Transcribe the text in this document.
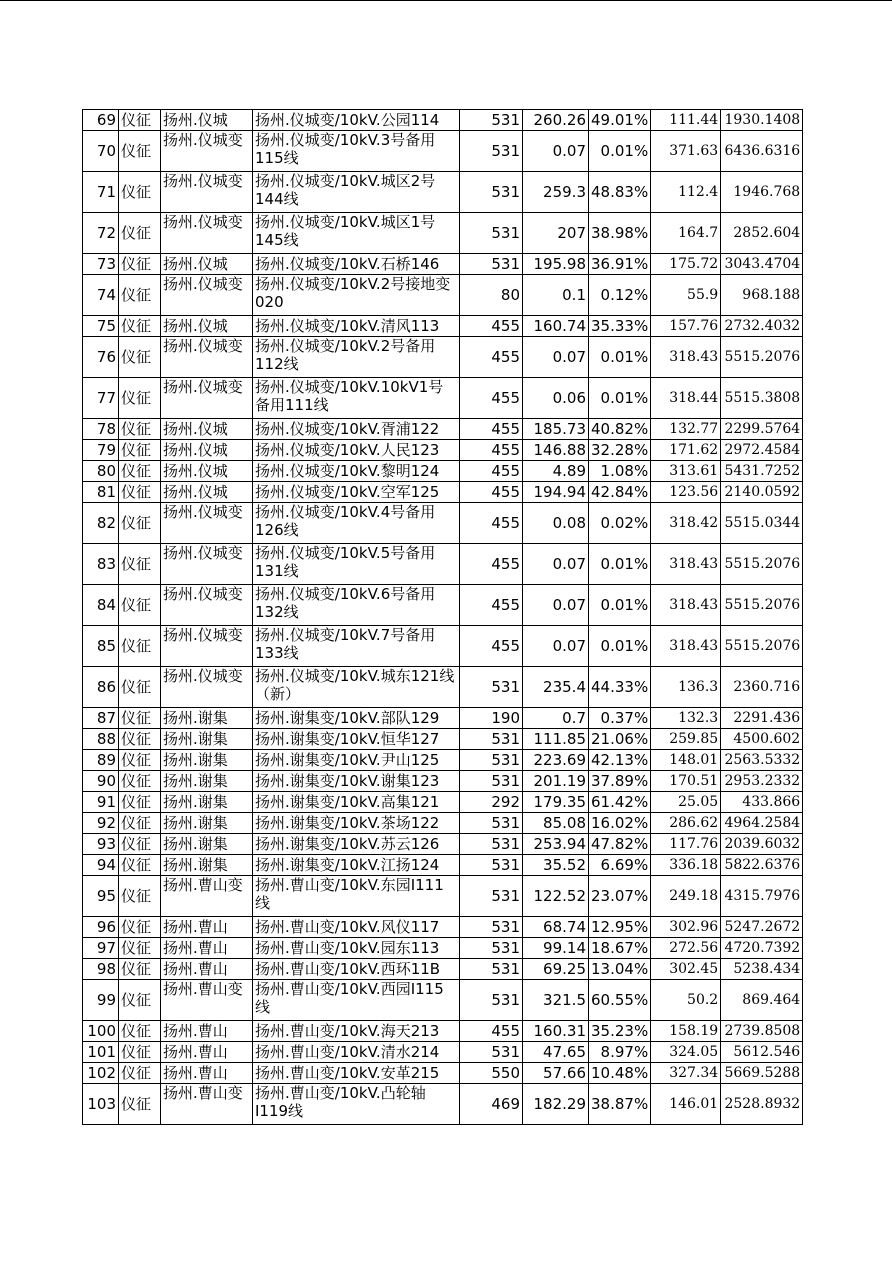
69	仪征	扬州.仪城	扬州.仪城变/10kV.公园114	531	260.26	49.01%	111.44	1930.1408
70	仪征	扬州.仪城变	扬州.仪城变/10kV.3号备用115线	531	0.07	0.01%	371.63	6436.6316
71	仪征	扬州.仪城变	扬州.仪城变/10kV.城区2号144线	531	259.3	48.83%	112.4	1946.768
72	仪征	扬州.仪城变	扬州.仪城变/10kV.城区1号145线	531	207	38.98%	164.7	2852.604
73	仪征	扬州.仪城	扬州.仪城变/10kV.石桥146	531	195.98	36.91%	175.72	3043.4704
74	仪征	扬州.仪城变	扬州.仪城变/10kV.2号接地变020	80	0.1	0.12%	55.9	968.188
75	仪征	扬州.仪城	扬州.仪城变/10kV.清风113	455	160.74	35.33%	157.76	2732.4032
76	仪征	扬州.仪城变	扬州.仪城变/10kV.2号备用112线	455	0.07	0.01%	318.43	5515.2076
77	仪征	扬州.仪城变	扬州.仪城变/10kV.10kV1号备用111线	455	0.06	0.01%	318.44	5515.3808
78	仪征	扬州.仪城	扬州.仪城变/10kV.胥浦122	455	185.73	40.82%	132.77	2299.5764
79	仪征	扬州.仪城	扬州.仪城变/10kV.人民123	455	146.88	32.28%	171.62	2972.4584
80	仪征	扬州.仪城	扬州.仪城变/10kV.黎明124	455	4.89	1.08%	313.61	5431.7252
81	仪征	扬州.仪城	扬州.仪城变/10kV.空军125	455	194.94	42.84%	123.56	2140.0592
82	仪征	扬州.仪城变	扬州.仪城变/10kV.4号备用126线	455	0.08	0.02%	318.42	5515.0344
83	仪征	扬州.仪城变	扬州.仪城变/10kV.5号备用131线	455	0.07	0.01%	318.43	5515.2076
84	仪征	扬州.仪城变	扬州.仪城变/10kV.6号备用132线	455	0.07	0.01%	318.43	5515.2076
85	仪征	扬州.仪城变	扬州.仪城变/10kV.7号备用133线	455	0.07	0.01%	318.43	5515.2076
86	仪征	扬州.仪城变	扬州.仪城变/10kV.城东121线（新）	531	235.4	44.33%	136.3	2360.716
87	仪征	扬州.谢集	扬州.谢集变/10kV.部队129	190	0.7	0.37%	132.3	2291.436
88	仪征	扬州.谢集	扬州.谢集变/10kV.恒华127	531	111.85	21.06%	259.85	4500.602
89	仪征	扬州.谢集	扬州.谢集变/10kV.尹山125	531	223.69	42.13%	148.01	2563.5332
90	仪征	扬州.谢集	扬州.谢集变/10kV.谢集123	531	201.19	37.89%	170.51	2953.2332
91	仪征	扬州.谢集	扬州.谢集变/10kV.高集121	292	179.35	61.42%	25.05	433.866
92	仪征	扬州.谢集	扬州.谢集变/10kV.茶场122	531	85.08	16.02%	286.62	4964.2584
93	仪征	扬州.谢集	扬州.谢集变/10kV.苏云126	531	253.94	47.82%	117.76	2039.6032
94	仪征	扬州.谢集	扬州.谢集变/10kV.江扬124	531	35.52	6.69%	336.18	5822.6376
95	仪征	扬州.曹山变	扬州.曹山变/10kV.东园Ⅰ111线	531	122.52	23.07%	249.18	4315.7976
96	仪征	扬州.曹山	扬州.曹山变/10kV.风仪117	531	68.74	12.95%	302.96	5247.2672
97	仪征	扬州.曹山	扬州.曹山变/10kV.园东113	531	99.14	18.67%	272.56	4720.7392
98	仪征	扬州.曹山	扬州.曹山变/10kV.西环11B	531	69.25	13.04%	302.45	5238.434
99	仪征	扬州.曹山变	扬州.曹山变/10kV.西园Ⅰ115线	531	321.5	60.55%	50.2	869.464
100	仪征	扬州.曹山	扬州.曹山变/10kV.海天213	455	160.31	35.23%	158.19	2739.8508
101	仪征	扬州.曹山	扬州.曹山变/10kV.清水214	531	47.65	8.97%	324.05	5612.546
102	仪征	扬州.曹山	扬州.曹山变/10kV.安革215	550	57.66	10.48%	327.34	5669.5288
103	仪征	扬州.曹山变	扬州.曹山变/10kV.凸轮轴Ⅰ119线	469	182.29	38.87%	146.01	2528.8932
